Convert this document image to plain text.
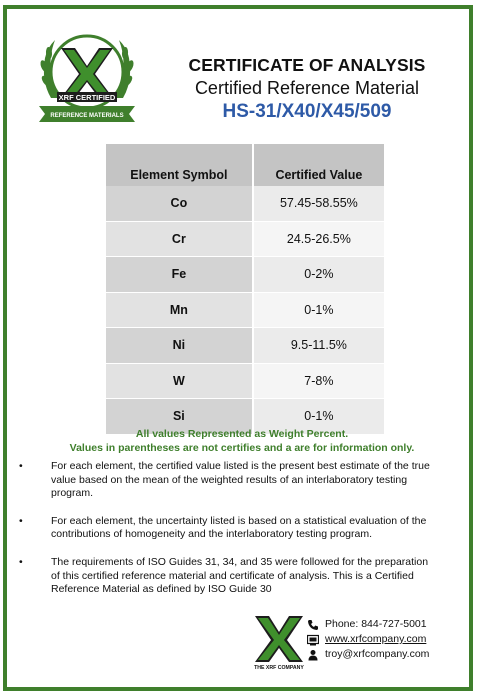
XRF CERTIFIED
REFERENCE MATERIALS
CERTIFICATE OF ANALYSIS
Certified Reference Material
HS-31/X40/X45/509
Element Symbol	Certified Value
Co	57.45-58.55%
Cr	24.5-26.5%
Fe	0-2%
Mn	0-1%
Ni	9.5-11.5%
W	7-8%
Si	0-1%
All values Represented as Weight Percent.
Values in parentheses are not certifies and a are for information only.
•	For each element, the certified value listed is the present best estimate of the true value based on the mean of the weighted results of an interlaboratory testing program.
•	For each element, the uncertainty listed is based on a statistical evaluation of the contributions of homogeneity and the interlaboratory testing program.
•	The requirements of ISO Guides 31, 34, and 35 were followed for the preparation of this certified reference material and certificate of analysis. This is a Certified Reference Material as defined by ISO Guide 30
THE XRF COMPANY
Phone: 844-727-5001
www.xrfcompany.com
troy@xrfcompany.com
